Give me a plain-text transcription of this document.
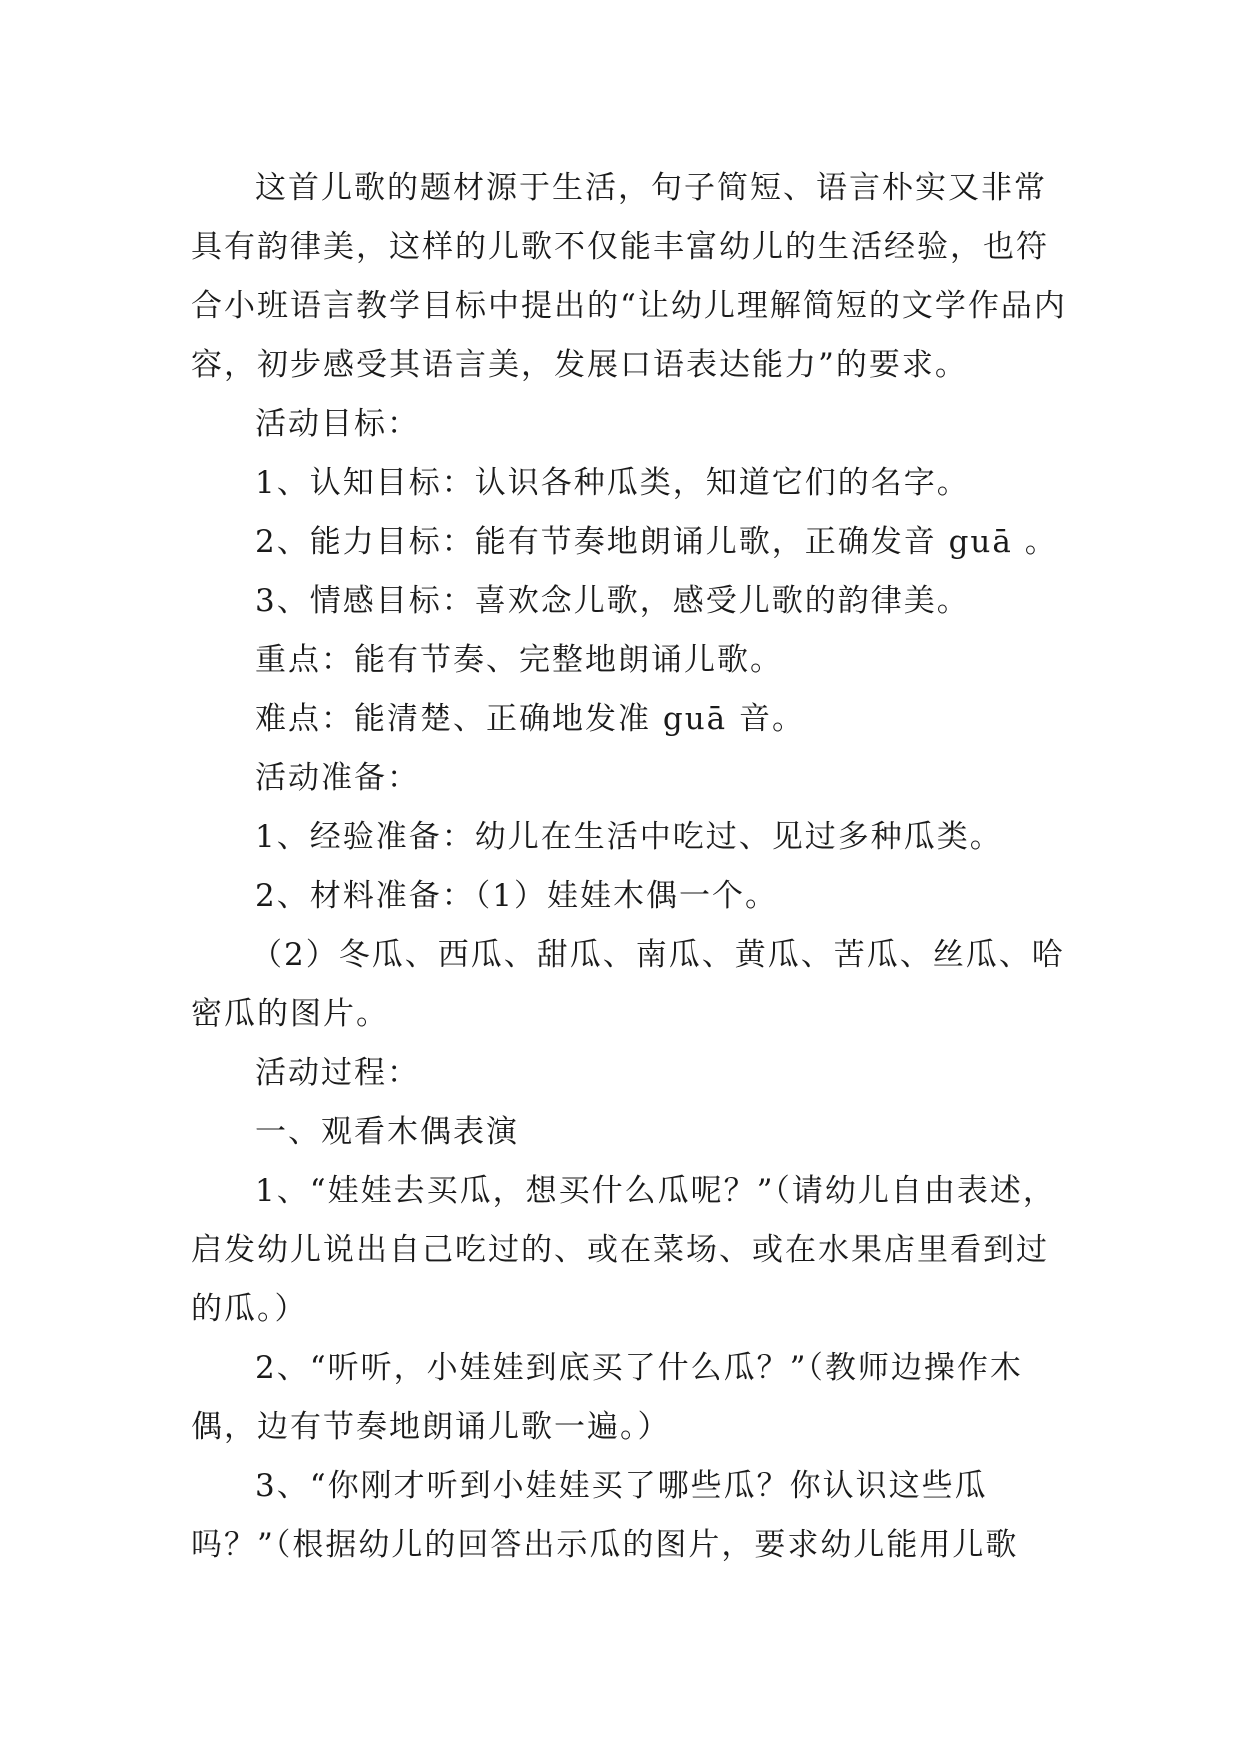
这首儿歌的题材源于生活，句子简短、语言朴实又非常具有韵律美，这样的儿歌不仅能丰富幼儿的生活经验，也符合小班语言教学目标中提出的“让幼儿理解简短的文学作品内容，初步感受其语言美，发展口语表达能力”的要求。

活动目标：

1、认知目标：认识各种瓜类，知道它们的名字。

2、能力目标：能有节奏地朗诵儿歌，正确发音 guā 。

3、情感目标：喜欢念儿歌，感受儿歌的韵律美。

重点：能有节奏、完整地朗诵儿歌。

难点：能清楚、正确地发准 guā 音。

活动准备：

1、经验准备：幼儿在生活中吃过、见过多种瓜类。

2、材料准备：（1）娃娃木偶一个。

（2）冬瓜、西瓜、甜瓜、南瓜、黄瓜、苦瓜、丝瓜、哈密瓜的图片。

活动过程：

一、观看木偶表演

1、“娃娃去买瓜，想买什么瓜呢？”（请幼儿自由表述，启发幼儿说出自己吃过的、或在菜场、或在水果店里看到过的瓜。）

2、“听听，小娃娃到底买了什么瓜？”（教师边操作木偶，边有节奏地朗诵儿歌一遍。）

3、“你刚才听到小娃娃买了哪些瓜？你认识这些瓜吗？”（根据幼儿的回答出示瓜的图片，要求幼儿能用儿歌
